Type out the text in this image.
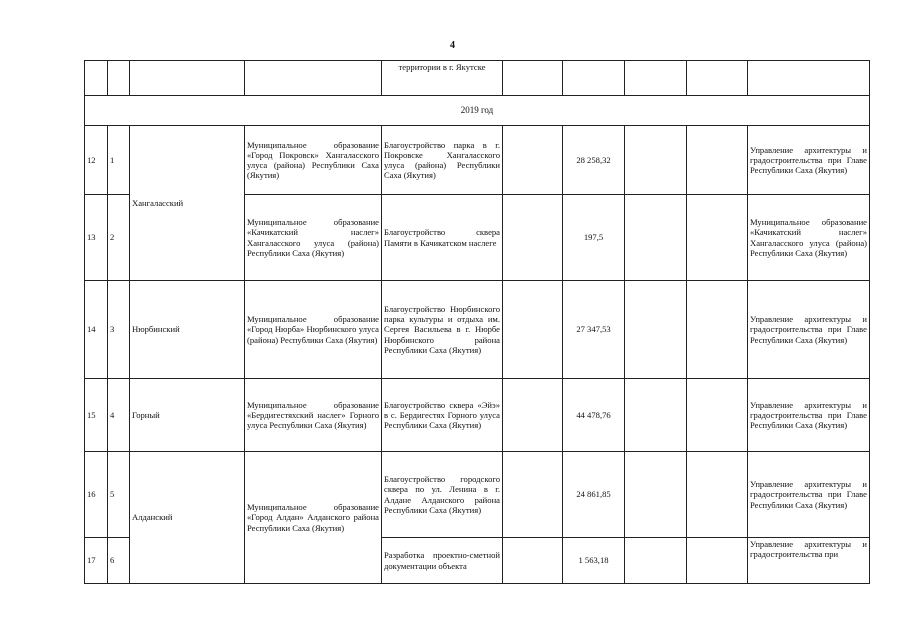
4
				территории в г. Якутске					
2019 год									
12	1	Хангаласский	Муниципальное образование «Город Покровск» Хангаласского улуса (района) Республики Саха (Якутия)	Благоустройство парка в г. Покровске Хангаласского улуса (района) Республики Саха (Якутия)		28 258,32			Управление архитектуры и градостроительства при Главе Республики Саха (Якутия)
13	2		Муниципальное образование «Качикатский наслег» Хангаласского улуса (района) Республики Саха (Якутия)	Благоустройство сквера Памяти в Качикатском наслеге		197,5			Муниципальное образование «Качикатский наслег» Хангаласского улуса (района) Республики Саха (Якутия)
14	3	Нюрбинский	Муниципальное образование «Город Нюрба» Нюрбинского улуса (района) Республики Саха (Якутия)	Благоустройство Нюрбинского парка культуры и отдыха им. Сергея Васильева в г. Нюрбе Нюрбинского района Республики Саха (Якутия)		27 347,53			Управление архитектуры и градостроительства при Главе Республики Саха (Якутия)
15	4	Горный	Муниципальное образование «Бердигестяхский наслег» Горного улуса Республики Саха (Якутия)	Благоустройство сквера «Эйэ» в с. Бердигестях Горного улуса Республики Саха (Якутия)		44 478,76			Управление архитектуры и градостроительства при Главе Республики Саха (Якутия)
16	5	Алданский	Муниципальное образование «Город Алдан» Алданского района Республики Саха (Якутия)	Благоустройство городского сквера по ул. Ленина в г. Алдане Алданского района Республики Саха (Якутия)		24 861,85			Управление архитектуры и градостроительства при Главе Республики Саха (Якутия)
17	6			Разработка проектно-сметной документации объекта		1 563,18			Управление архитектуры и градостроительства при
